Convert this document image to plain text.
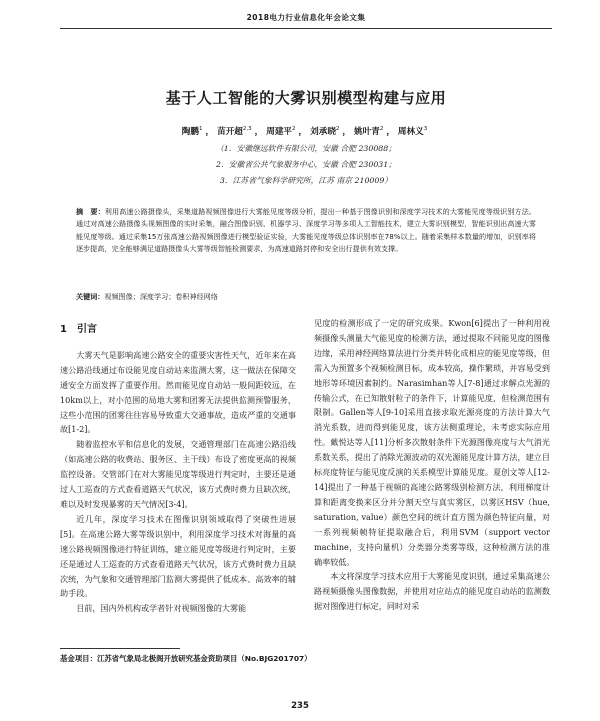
2018电力行业信息化年会论文集
基于人工智能的大雾识别模型构建与应用
陶鹏$^1$ ， 苗开超$^{2,3}$ ， 周建平$^2$ ， 刘承晓$^2$ ， 姚叶青$^2$ ， 周林义$^3$
（1．安徽继远软件有限公司，安徽 合肥 230088；
2．安徽省公共气象服务中心，安徽 合肥 230031；
3．江苏省气象科学研究所，江苏 南京 210009）
摘　要：利用高速公路摄像头，采集道路视频图像进行大雾能见度等级分析，提出一种基于图像识别和深度学习技术的大雾能见度等级识别方法。通过对高速公路摄像头视频图像的实时采集，融合图像识别、机器学习、深度学习等多项人工智能技术，建立大雾识别模型，智能识别出高速大雾能见度等级。通过采集15万张高速公路视频图像进行模型验证实验，大雾能见度等级总体识别率在78%以上。随着采集样本数量的增加，识别率将逐步提高，完全能够满足道路摄像头大雾等级智能检测要求，为高速道路封停和安全出行提供有效支撑。
关键词：视频图像；深度学习；卷积神经网络
1 引言

大雾天气是影响高速公路安全的重要灾害性天气，近年来在高速公路沿线通过布设能见度自动站来监测大雾，这一做法在保障交通安全方面发挥了重要作用。然而能见度自动站一般间距较远，在10km以上，对小范围的局地大雾和团雾无法提供监测预警服务，这些小范围的团雾往往容易导致重大交通事故，造成严重的交通事故[1-2]。

随着监控水平和信息化的发展，交通管理部门在高速公路沿线（如高速公路的收费站、服务区、主干线）布设了密度更高的视频监控设备。交管部门在对大雾能见度等级进行判定时，主要还是通过人工巡查的方式查看道路天气状况，该方式费时费力且缺次统，难以及时发现暴雾的天气情况[3-4]。

近几年，深度学习技术在图像识别领域取得了突破性进展[5]。在高速公路大雾等级识别中，利用深度学习技术对海量的高速公路视频图像进行特征训练，建立能见度等级进行判定时，主要还是通过人工巡查的方式查看道路天气状况，该方式费时费力且缺次统，为气象和交通管理部门监测大雾提供了低成本、高效率的辅助手段。

目前，国内外机构或学者针对视频图像的大雾能

见度的检测形成了一定的研究成果。Kwon[6]提出了一种利用视频摄像头测量大气能见度的检测方法，通过提取不同能见度的图像边缘，采用神经网络算法进行分类并转化成相应的能见度等级，但需入为预置多个视频检测目标，成本较高，操作繁琐，并容易受到地形等环境因素制约。Narasimhan等人[7-8]通过求解点光源的传输公式，在已知散射粒子的条件下，计算能见度，但检测范围有限制。Gallen等人[9-10]采用直接求取光源亮度的方法计算大气消光系数，进而得到能见度，该方法侧重理论，未考虑实际应用性。戴悦达等人[11]分析多次散射条件下光源图像亮度与大气消光系数关系，提出了消除光源波动的双光源能见度计算方法，建立目标亮度特征与能见度反演的关系模型计算能见度。夏创文等人[12-14]提出了一种基于视频的高速公路雾级别检测方法，利用梯度计算和距离变换来区分并分割天空与真实雾区，以雾区HSV（hue, saturation, value）颜色空间的统计直方图为颜色特征向量，对一系列视频帧特征提取融合后，利用SVM（support vector machine，支持向量机）分类器分类雾等级，这种检测方法的准确率较低。

本文将深度学习技术应用于大雾能见度识别，通过采集高速公路视频摄像头图像数据，并使用对应站点的能见度自动站的监测数据对图像进行标定，同时对采

基金项目：江苏省气象局北极阁开放研究基金资助项目（No.BJG201707）
235
